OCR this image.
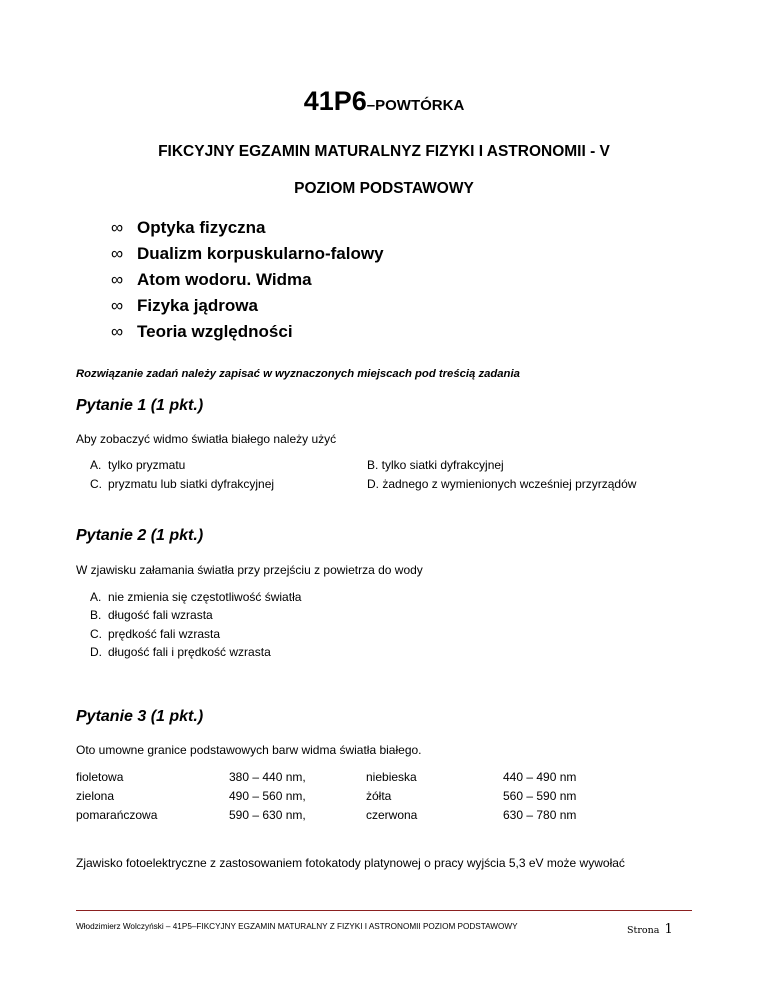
41P6–POWTÓRKA
FIKCYJNY EGZAMIN MATURALNYZ FIZYKI I ASTRONOMII - V
POZIOM PODSTAWOWY
∞ Optyka fizyczna
∞ Dualizm korpuskularno-falowy
∞ Atom wodoru. Widma
∞ Fizyka jądrowa
∞ Teoria względności
Rozwiązanie zadań należy zapisać w wyznaczonych miejscach pod treścią zadania
Pytanie 1 (1 pkt.)
Aby zobaczyć widmo światła białego należy użyć
A. tylko pryzmatu	B. tylko siatki dyfrakcyjnej
C. pryzmatu lub siatki dyfrakcyjnej	D. żadnego z wymienionych wcześniej przyrządów
Pytanie 2 (1 pkt.)
W zjawisku załamania światła przy przejściu z powietrza do wody
A. nie zmienia się częstotliwość światła
B. długość fali wzrasta
C. prędkość fali wzrasta
D. długość fali i prędkość wzrasta
Pytanie 3 (1 pkt.)
Oto umowne granice podstawowych barw widma światła białego.
fioletowa	380 – 440 nm,	niebieska	440 – 490 nm
zielona	490 – 560 nm,	żółta	560 – 590 nm
pomarańczowa	590 – 630 nm,	czerwona	630 – 780 nm
Zjawisko fotoelektryczne z zastosowaniem fotokatody platynowej o pracy wyjścia 5,3 eV może wywołać
Włodzimierz Wolczyński – 41P5–FIKCYJNY EGZAMIN MATURALNY Z FIZYKI I ASTRONOMII POZIOM PODSTAWOWY	Strona 1
